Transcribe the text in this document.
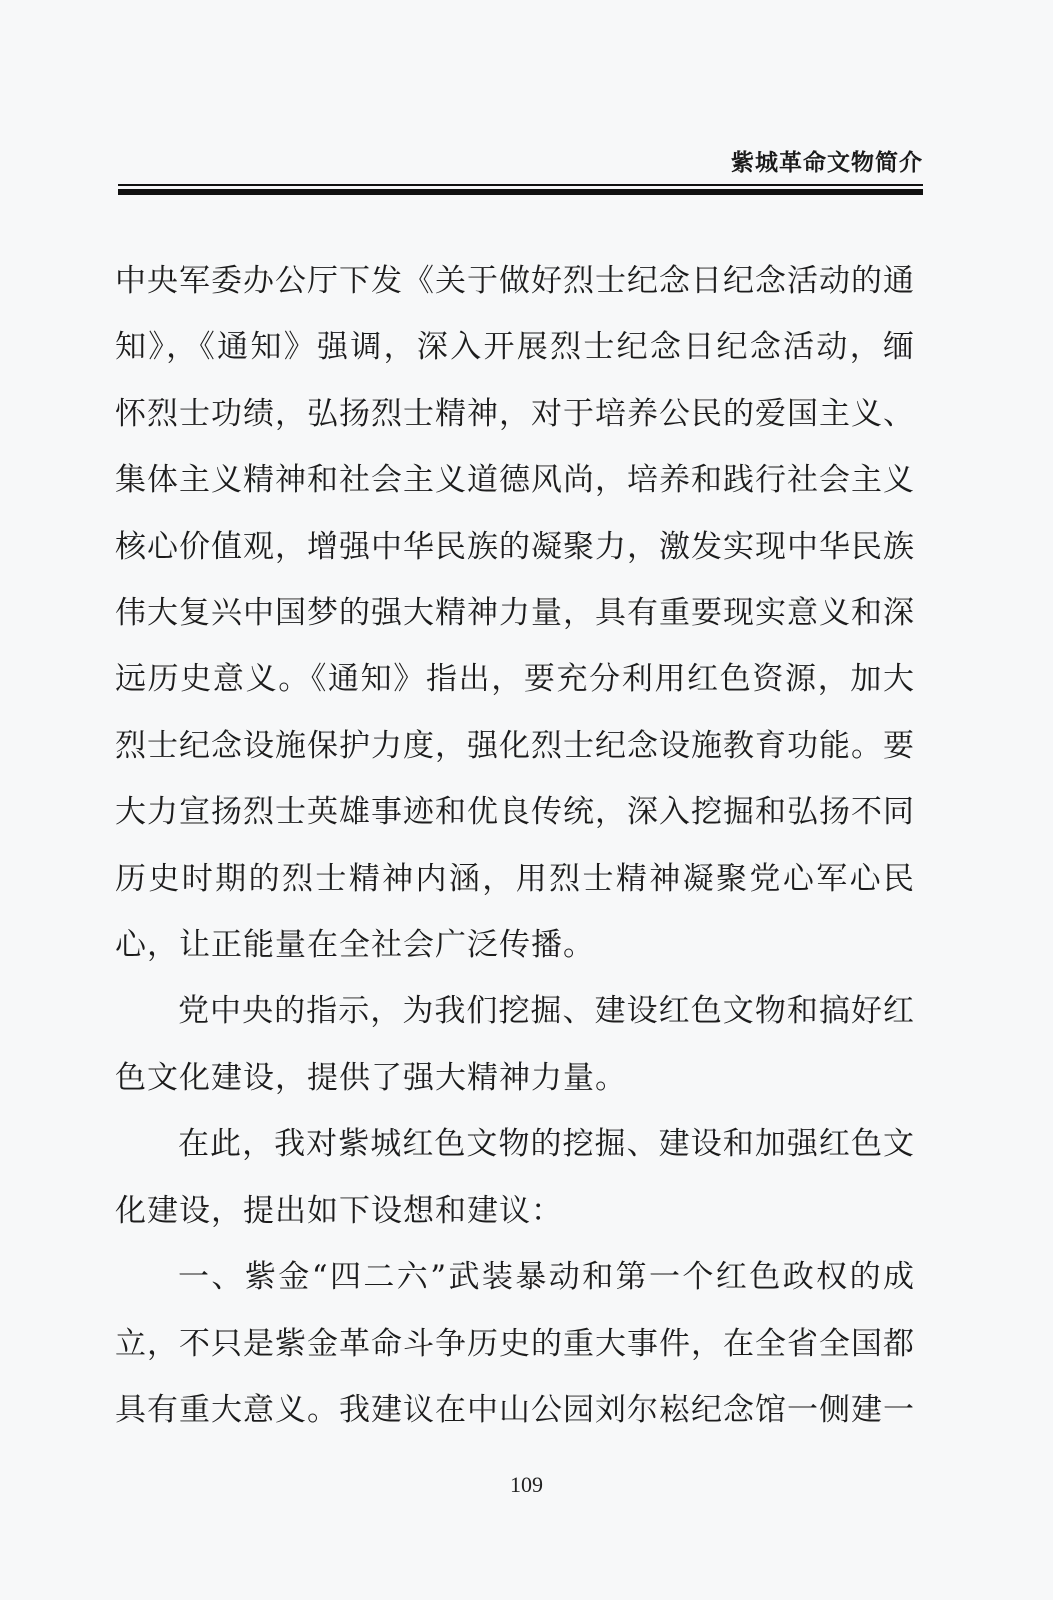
紫城革命文物简介

中央军委办公厅下发《关于做好烈士纪念日纪念活动的通知》，《通知》强调，深入开展烈士纪念日纪念活动，缅怀烈士功绩，弘扬烈士精神，对于培养公民的爱国主义、集体主义精神和社会主义道德风尚，培养和践行社会主义核心价值观，增强中华民族的凝聚力，激发实现中华民族伟大复兴中国梦的强大精神力量，具有重要现实意义和深远历史意义。《通知》指出，要充分利用红色资源，加大烈士纪念设施保护力度，强化烈士纪念设施教育功能。要大力宣扬烈士英雄事迹和优良传统，深入挖掘和弘扬不同历史时期的烈士精神内涵，用烈士精神凝聚党心军心民心，让正能量在全社会广泛传播。

党中央的指示，为我们挖掘、建设红色文物和搞好红色文化建设，提供了强大精神力量。

在此，我对紫城红色文物的挖掘、建设和加强红色文化建设，提出如下设想和建议：

一、紫金“四二六”武装暴动和第一个红色政权的成立，不只是紫金革命斗争历史的重大事件，在全省全国都具有重大意义。我建议在中山公园刘尔崧纪念馆一侧建一

109
